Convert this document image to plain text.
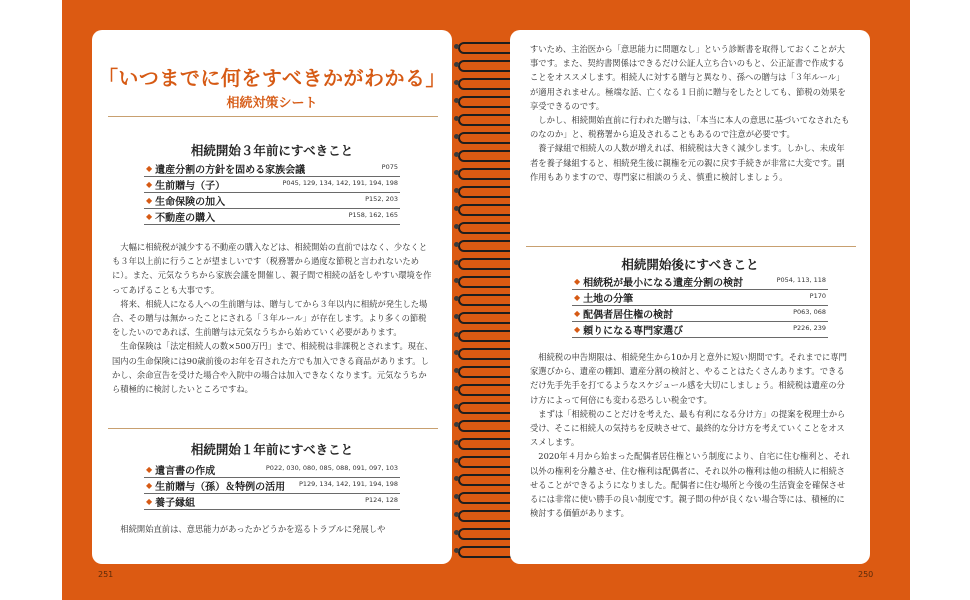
「いつまでに何をすべきかがわかる」
相続対策シート
相続開始３年前にすべきこと
◆ 遺産分割の方針を固める家族会議	P075
◆ 生前贈与（子）	P045, 129, 134, 142, 191, 194, 198
◆ 生命保険の加入	P152, 203
◆ 不動産の購入	P158, 162, 165

大幅に相続税が減少する不動産の購入などは、相続開始の直前ではなく、少なくとも３年以上前に行うことが望ましいです（税務署から過度な節税と言われないために）。また、元気なうちから家族会議を開催し、親子間で相続の話をしやすい環境を作ってあげることも大事です。

将来、相続人になる人への生前贈与は、贈与してから３年以内に相続が発生した場合、その贈与は無かったことにされる「３年ルール」が存在します。より多くの節税をしたいのであれば、生前贈与は元気なうちから始めていく必要があります。

生命保険は「法定相続人の数×500万円」まで、相続税は非課税とされます。現在、国内の生命保険には90歳前後のお年を召された方でも加入できる商品があります。しかし、余命宣告を受けた場合や入院中の場合は加入できなくなります。元気なうちから積極的に検討したいところですね。

相続開始１年前にすべきこと
◆ 遺言書の作成	P022, 030, 080, 085, 088, 091, 097, 103
◆ 生前贈与（孫）＆特例の活用 P129, 134, 142, 191, 194, 198
◆ 養子縁組	P124, 128

相続開始直前は、意思能力があったかどうかを巡るトラブルに発展しや

すいため、主治医から「意思能力に問題なし」という診断書を取得しておくことが大事です。また、契約書関係はできるだけ公証人立ち合いのもと、公正証書で作成することをオススメします。相続人に対する贈与と異なり、孫への贈与は「３年ルール」が適用されません。極端な話、亡くなる１日前に贈与をしたとしても、節税の効果を享受できるのです。

しかし、相続開始直前に行われた贈与は、「本当に本人の意思に基づいてなされたものなのか」と、税務署から追及されることもあるので注意が必要です。

養子縁組で相続人の人数が増えれば、相続税は大きく減少します。しかし、未成年者を養子縁組すると、相続発生後に親権を元の親に戻す手続きが非常に大変です。副作用もありますので、専門家に相談のうえ、慎重に検討しましょう。

相続開始後にすべきこと
◆ 相続税が最小になる遺産分割の検討	P054, 113, 118
◆ 土地の分筆	P170
◆ 配偶者居住権の検討	P063, 068
◆ 頼りになる専門家選び	P226, 239

相続税の申告期限は、相続発生から10か月と意外に短い期間です。それまでに専門家選びから、遺産の棚卸、遺産分割の検討と、やることはたくさんあります。できるだけ先手先手を打てるようなスケジュール感を大切にしましょう。相続税は遺産の分け方によって何倍にも変わる恐ろしい税金です。

まずは「相続税のことだけを考えた、最も有利になる分け方」の提案を税理士から受け、そこに相続人の気持ちを反映させて、最終的な分け方を考えていくことをオススメします。

2020年４月から始まった配偶者居住権という制度により、自宅に住む権利と、それ以外の権利を分離させ、住む権利は配偶者に、それ以外の権利は他の相続人に相続させることができるようになりました。配偶者に住む場所と今後の生活資金を確保させるには非常に使い勝手の良い制度です。親子間の仲が良くない場合等には、積極的に検討する価値があります。

251	250
